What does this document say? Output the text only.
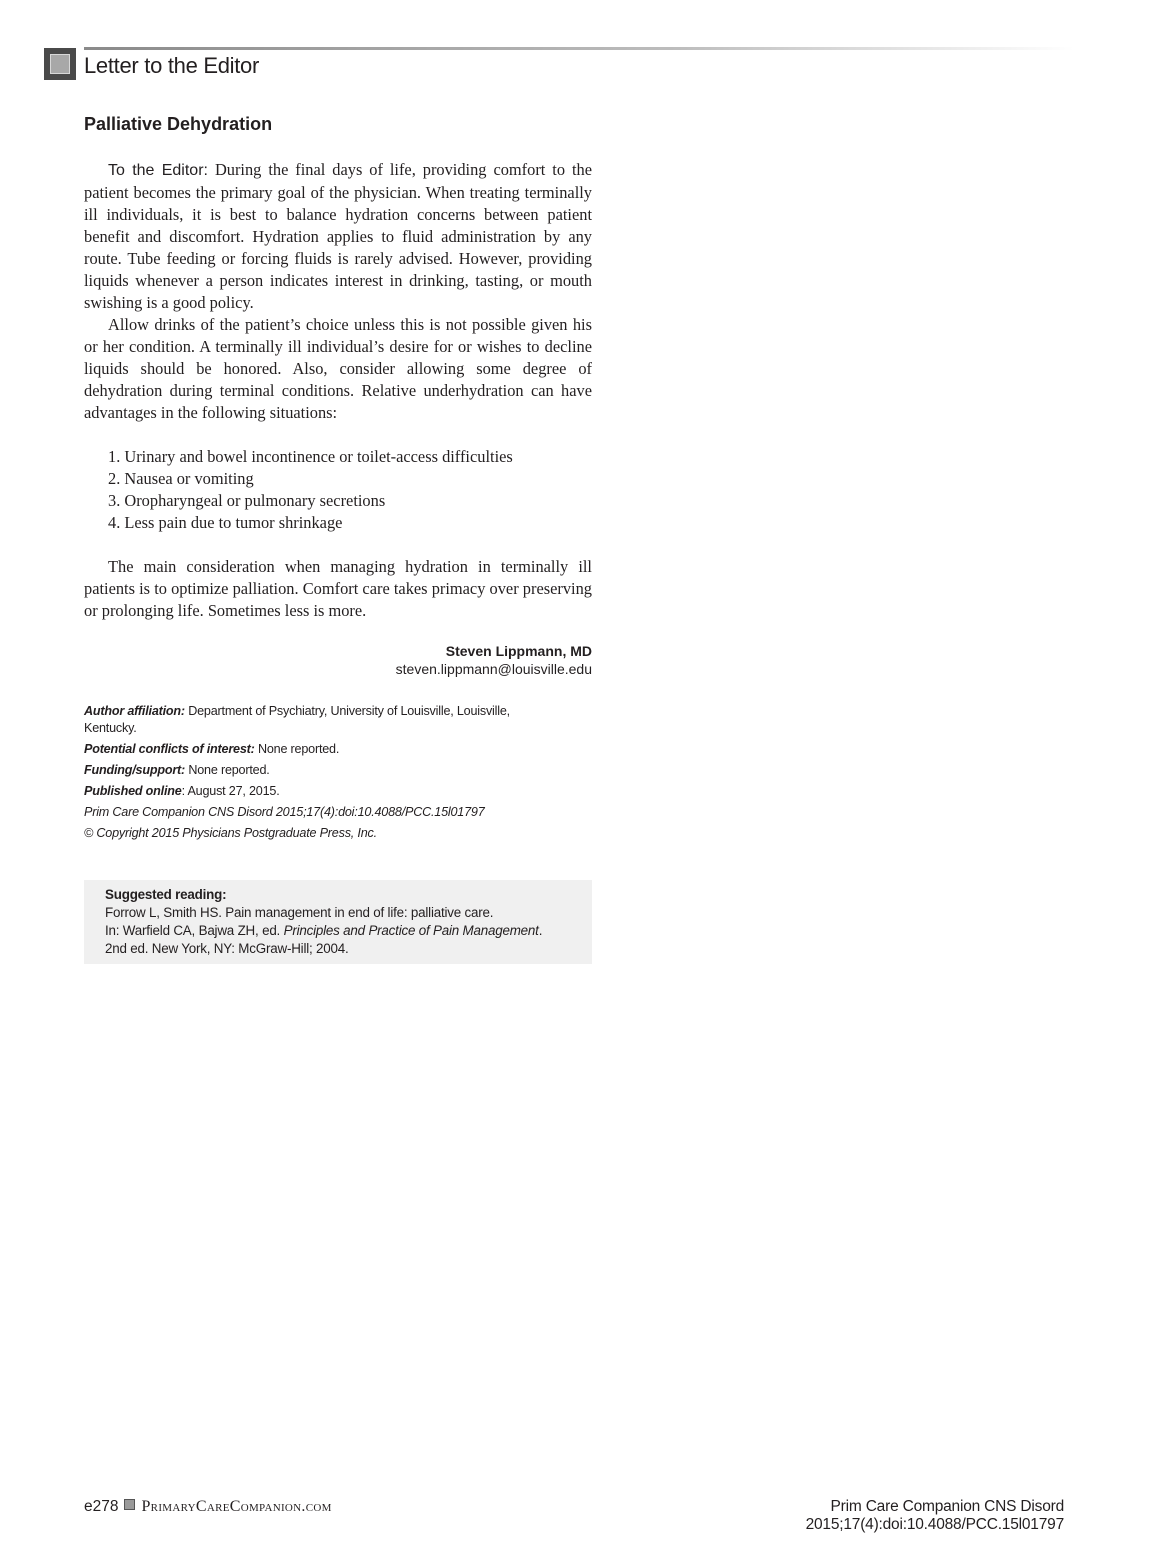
Letter to the Editor
Palliative Dehydration

To the Editor: During the final days of life, providing comfort to the patient becomes the primary goal of the physician. When treating terminally ill individuals, it is best to balance hydration concerns between patient benefit and discomfort. Hydration applies to fluid administration by any route. Tube feeding or forcing fluids is rarely advised. However, providing liquids whenever a person indicates interest in drinking, tasting, or mouth swishing is a good policy.

Allow drinks of the patient’s choice unless this is not possible given his or her condition. A terminally ill individual’s desire for or wishes to decline liquids should be honored. Also, consider allowing some degree of dehydration during terminal conditions. Relative underhydration can have advantages in the following situations:

1. Urinary and bowel incontinence or toilet-access difficulties
2. Nausea or vomiting
3. Oropharyngeal or pulmonary secretions
4. Less pain due to tumor shrinkage

The main consideration when managing hydration in terminally ill patients is to optimize palliation. Comfort care takes primacy over preserving or prolonging life. Sometimes less is more.

Steven Lippmann, MD
steven.lippmann@louisville.edu
Author affiliation: Department of Psychiatry, University of Louisville, Louisville, Kentucky.
Potential conflicts of interest: None reported.
Funding/support: None reported.
Published online: August 27, 2015.
Prim Care Companion CNS Disord 2015;17(4):doi:10.4088/PCC.15l01797
© Copyright 2015 Physicians Postgraduate Press, Inc.
Suggested reading:
Forrow L, Smith HS. Pain management in end of life: palliative care.
In: Warfield CA, Bajwa ZH, ed. Principles and Practice of Pain Management.
2nd ed. New York, NY: McGraw-Hill; 2004.
e278 PrimaryCareCompanion.com	Prim Care Companion CNS Disord
2015;17(4):doi:10.4088/PCC.15l01797
